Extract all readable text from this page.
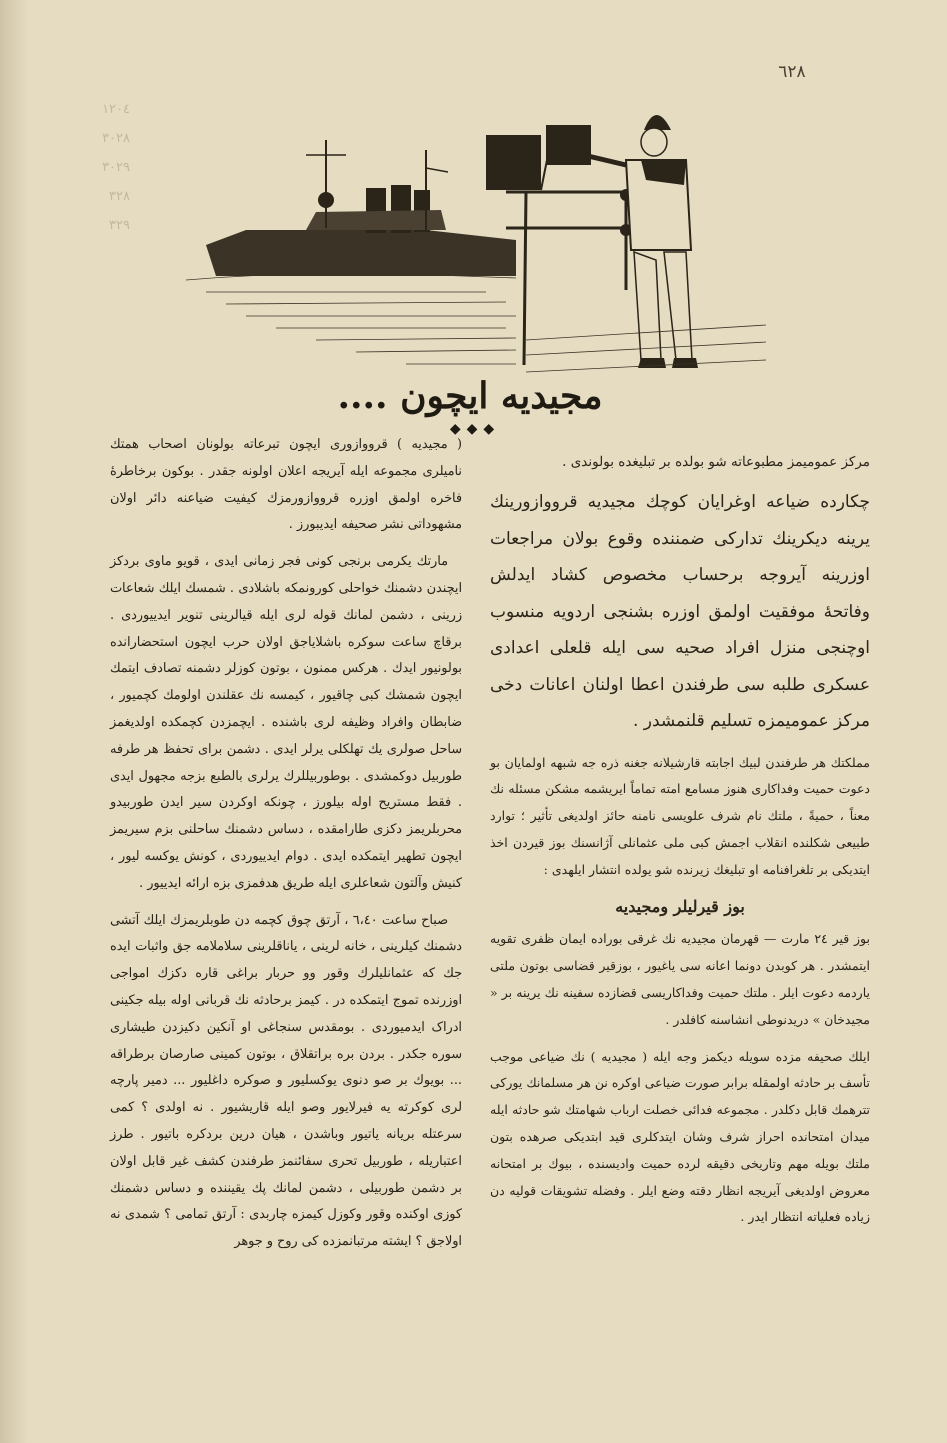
١٢٠٤
٣٠٢٨
٣٠٢٩
٣٢٨
٣٢٩
٦٢٨
مجیدیه ایچون ....
◆◆◆

مرکز عمومیمز مطبوعاته شو بولده بر تبلیغده بولوندی .

چکارده ضیاعه اوغرایان کوچك مجیدیه قرووازورینك یرینه دیکرینك تدارکی ضمننده وقوع بولان مراجعات اوزرینه آیروجه برحساب مخصوص کشاد ایدلش وفاتحهٔ موفقیت اولمق اوزره بشنجی اردویه منسوب اوچنجی منزل افراد صحیه سی ایله قلعلی اعدادی عسکری طلبه سی طرفندن اعطا اولنان اعانات دخی مرکز عمومیمزه تسلیم قلنمشدر .

مملکتك هر طرفندن لبیك اجابته قارشیلانه جغنه ذره جه شبهه اولمایان بو دعوت حمیت وفداکاری هنوز مسامع امته تماماً ایریشمه مشکن مسئله نك معناً ، حمیةً ، ملتك نام شرف علویسی نامنه حائز اولدیغی تأثیر ؛ توارد طبیعی شکلنده انقلاب اجمش کبی ملی عثمانلی آژانسنك بوز قیردن اخذ ایتدیکی بر تلغرافنامه او تبلیغك زیرنده شو یولده انتشار ایلهدی :

بوز قیرلیلر ومجیدیه

بوز قیر ٢٤ مارت — قهرمان مجیدیه نك غرقی بوراده ایمان ظفری تقویه ایتمشدر . هر کوبدن دونما اعانه سی یاغیور ، بوزقیر قضاسی بوتون ملتی یاردمه دعوت ایلر . ملتك حمیت وفداکاریسی قضازده سفینه نك یرینه بر « مجیدخان » دریدنوطی انشاسنه کافلدر .

ایلك صحیفه مزده سویله دیکمز وجه ایله ( مجیدیه ) نك ضیاعی موجب تأسف بر حادثه اولمقله برابر صورت ضیاعی اوکره نن هر مسلمانك یورکی تترهمك قابل دکلدر . مجموعه فدائی خصلت ارباب شهامتك شو حادثه ایله میدان امتحانده احراز شرف وشان ایتدکلری قید ابتدیکی صرهده بتون ملتك بویله مهم وتاریخی دقیقه لرده حمیت وادیسنده ، بیوك بر امتحانه معروض اولدیغی آیریجه انظار دقته وضع ایلر . وفضله تشویقات قولیه دن زیاده فعلیاته انتظار ایدر .

( مجیدیه ) قرووازوری ایچون تبرعاته بولونان اصحاب همتك نامیلری مجموعه ایله آیریجه اعلان اولونه جقدر . بوکون برخاطرهٔ فاخره اولمق اوزره قرووازورمزك کیفیت ضیاعنه دائر اولان مشهوداتی نشر صحیفه ایدیبورز .

مارتك یکرمی برنجی کونی فجر زمانی ایدی ، قویو ماوی بردکز ایچندن دشمنك خواحلی کورونمکه باشلادی . شمسك ایلك شعاعات زرینی ، دشمن لمانك قوله لری ایله قیالرینی تنویر ایدییوردی . برقاچ ساعت سوکره باشلایاجق اولان حرب ایچون استحضارانده بولونیور ایدك . هرکس ممنون ، بوتون کوزلر دشمنه تصادف ایتمك ایچون شمشك کبی چاقیور ، کیمسه نك عقلندن اولومك کچمیور ، ضابطان وافراد وظیفه لری باشنده . ایچمزدن کچمکده اولدیغمز ساحل صولری یك تهلکلی یرلر ایدی . دشمن برای تحفظ هر طرفه طوربیل دوکمشدی . بوطوربیللرك یرلری بالطبع بزجه مجهول ایدی . فقط مستریح اوله بیلورز ، چونکه اوکردن سیر ایدن طوربیدو محربلریمز دکزی طارامقده ، دساس دشمنك ساحلنی بزم سیریمز ایچون تطهیر ایتمکده ایدی . دوام ایدییوردی ، کونش یوکسه لیور ، کنیش وآلتون شعاعلری ایله طریق هدفمزی بزه ارائه ایدییور .

صباح ساعت ٦،٤٠ ، آرتق چوق کچمه دن طوبلریمزك ایلك آتشی دشمنك کیلرینی ، خانه لرینی ، یاناقلرینی سلاملامه جق واثبات ایده جك که عثمانلیلرك وقور وو حربار براغی قاره دکزك امواجی اوزرنده تموج ایتمکده در . کیمز برحادثه نك قربانی اوله بیله جکینی ادراک ایدمیوردی . بومقدس سنجاغی او آنکین دکیزدن طیشاری سوره جکدر . بردن بره براتقلاق ، بوتون کمینی صارصان برطراقه ... بویوك بر صو دنوی یوکسلیور و صوکره داغلیور ... دمیر پارچه لری کوکرته یه فیرلایور وصو ایله قاریشیور . نه اولدی ؟ کمی سرعتله بریانه یاتیور وباشدن ، هیان درین بردکره باتیور . طرز اعتباریله ، طوربیل تحری سفائنمز طرفندن کشف غیر قابل اولان بر دشمن طوربیلی ، دشمن لمانك پك یقیننده و دساس دشمنك کوزی اوکنده وقور وکوزل کیمزه چاربدی : آرتق تمامی ؟ شمدی نه اولاجق ؟ ایشته مرتبانمزده کی روح و جوهر
